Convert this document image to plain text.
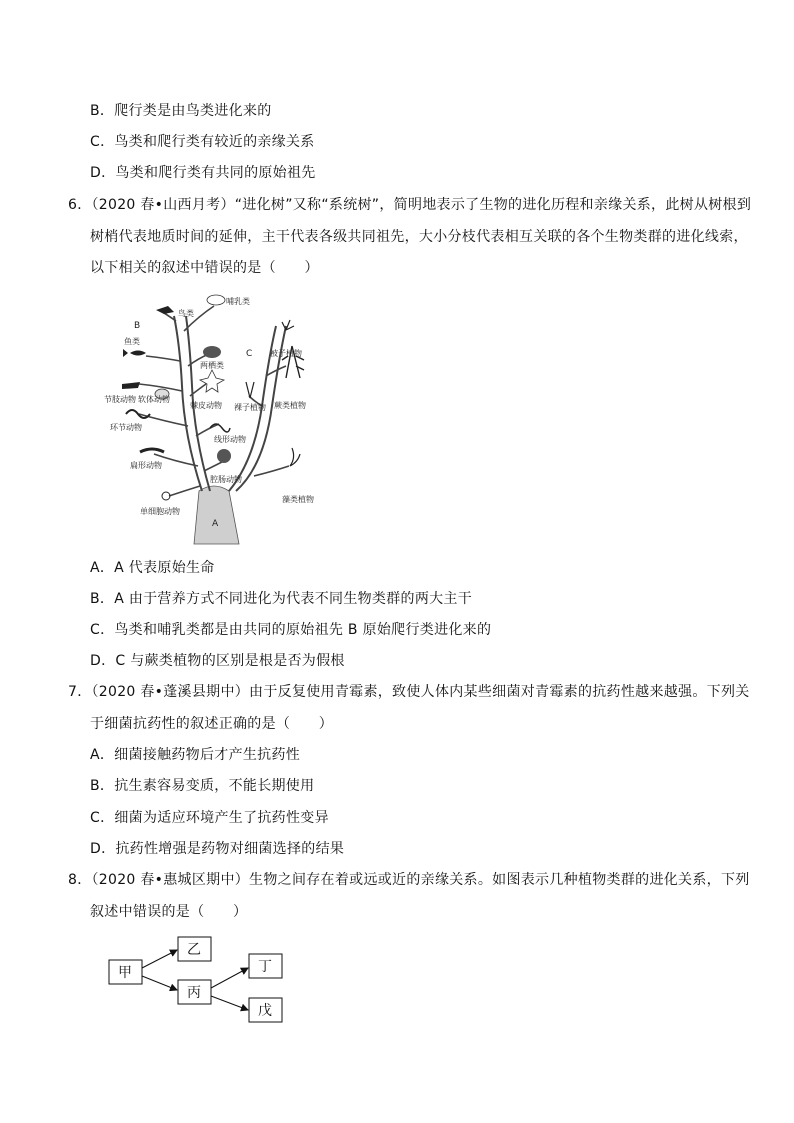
B．爬行类是由鸟类进化来的
C．鸟类和爬行类有较近的亲缘关系
D．鸟类和爬行类有共同的原始祖先
6．（2020 春•山西月考）“进化树”又称“系统树”，简明地表示了生物的进化历程和亲缘关系，此树从树根到
树梢代表地质时间的延伸，主干代表各级共同祖先，大小分枝代表相互关联的各个生物类群的进化线索，
以下相关的叙述中错误的是（　　）
哺乳类
鸟类
B
鱼类
两栖类
C 被子植物
节肢动物 软体动物
棘皮动物 裸子植物 蕨类植物
线形动物
环节动物
腔肠动物
扁形动物
藻类植物
单细胞动物
A
A．A 代表原始生命
B．A 由于营养方式不同进化为代表不同生物类群的两大主干
C．鸟类和哺乳类都是由共同的原始祖先 B 原始爬行类进化来的
D．C 与蕨类植物的区别是根是否为假根
7．（2020 春•蓬溪县期中）由于反复使用青霉素，致使人体内某些细菌对青霉素的抗药性越来越强。下列关
于细菌抗药性的叙述正确的是（　　）
A．细菌接触药物后才产生抗药性
B．抗生素容易变质，不能长期使用
C．细菌为适应环境产生了抗药性变异
D．抗药性增强是药物对细菌选择的结果
8．（2020 春•惠城区期中）生物之间存在着或远或近的亲缘关系。如图表示几种植物类群的进化关系，下列
叙述中错误的是（　　）
甲
乙
丙
丁
戊
